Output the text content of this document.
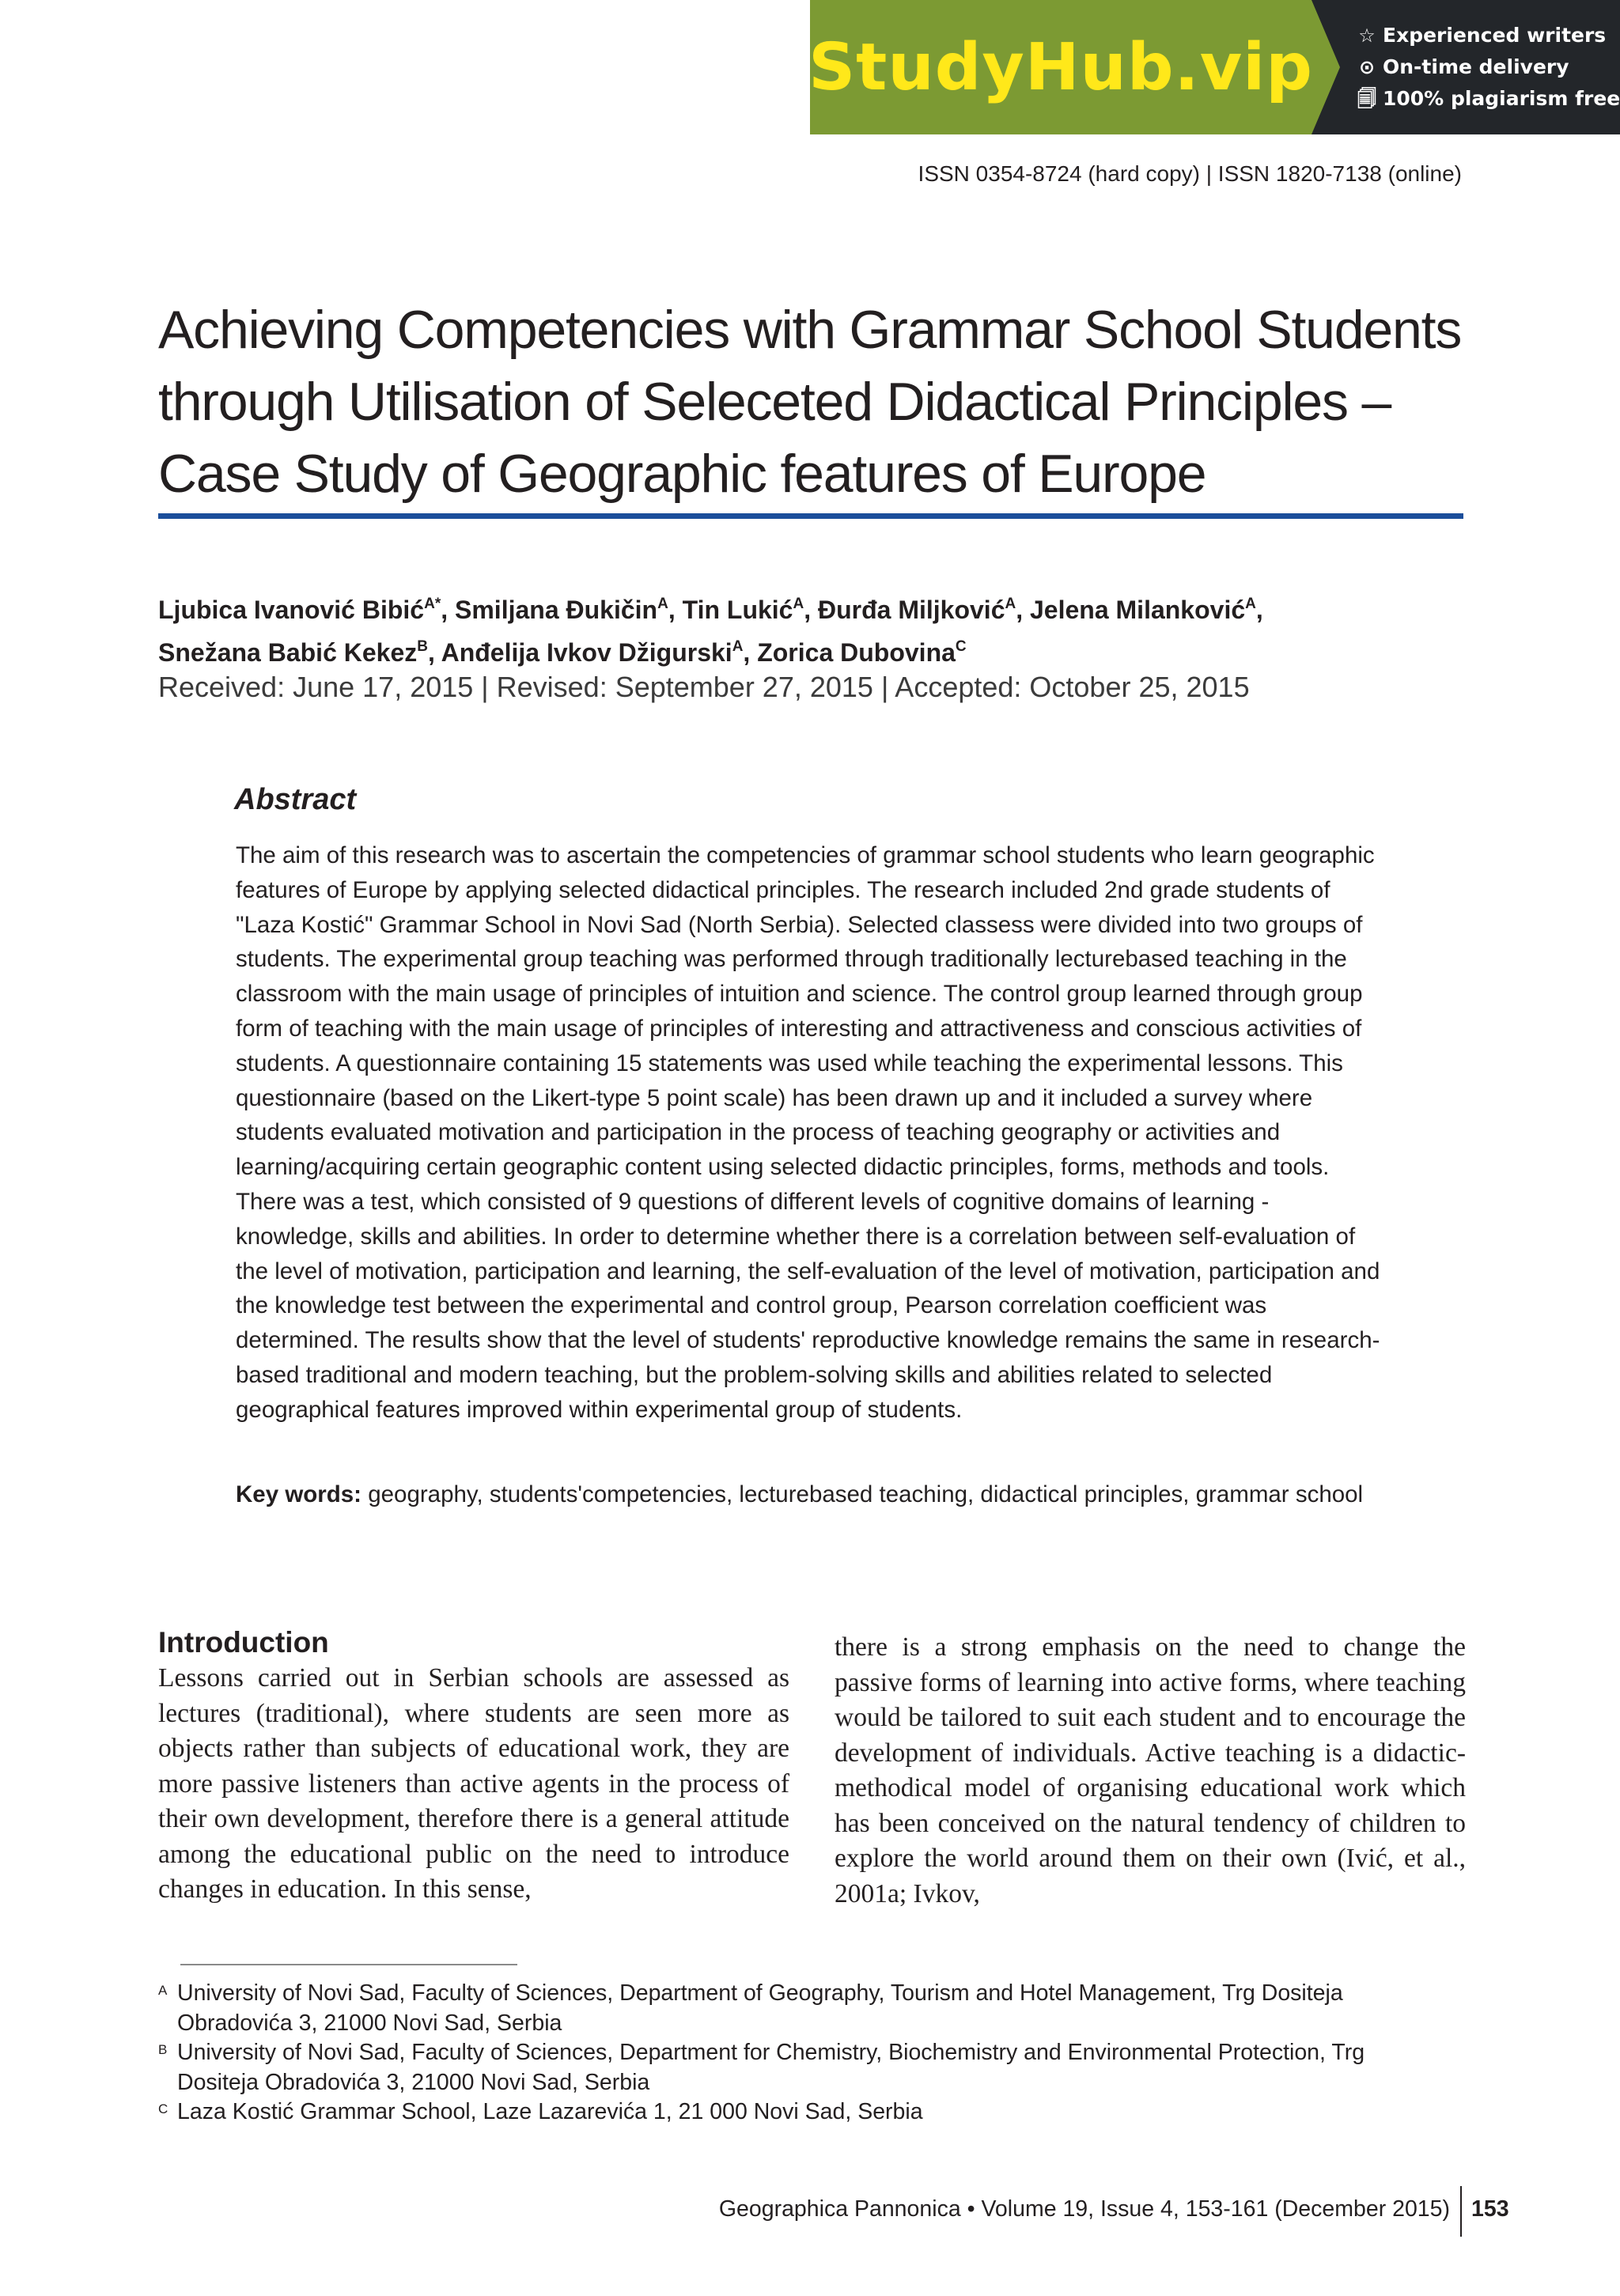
StudyHub.vip ☆ Experienced writers
⊙ On-time delivery
🗐 100% plagiarism free
ISSN 0354-8724 (hard copy) | ISSN 1820-7138 (online)
Achieving Competencies with Grammar School Students through Utilisation of Seleceted Didactical Principles – Case Study of Geographic features of Europe
Ljubica Ivanović Bibić$^{A*}$, Smiljana Đukičin$^A$, Tin Lukić$^A$, Đurđa Miljković$^A$, Jelena Milanković$^A$,
Snežana Babić Kekez$^B$, Anđelija Ivkov Džigurski$^A$, Zorica Dubovina$^C$
Received: June 17, 2015 | Revised: September 27, 2015 | Accepted: October 25, 2015
Abstract

The aim of this research was to ascertain the competencies of grammar school students who learn geographic features of Europe by applying selected didactical principles. The research included 2nd grade students of "Laza Kostić" Grammar School in Novi Sad (North Serbia). Selected classess were divided into two groups of students. The experimental group teaching was performed through traditionally lecturebased teaching in the classroom with the main usage of principles of intuition and science. The control group learned through group form of teaching with the main usage of principles of interesting and attractiveness and conscious activities of students. A questionnaire containing 15 statements was used while teaching the experimental lessons. This questionnaire (based on the Likert-type 5 point scale) has been drawn up and it included a survey where students evaluated motivation and participation in the process of teaching geography or activities and learning/acquiring certain geographic content using selected didactic principles, forms, methods and tools. There was a test, which consisted of 9 questions of different levels of cognitive domains of learning - knowledge, skills and abilities. In order to determine whether there is a correlation between self-evaluation of the level of motivation, participation and learning, the self-evaluation of the level of motivation, participation and the knowledge test between the experimental and control group, Pearson correlation coefficient was determined. The results show that the level of students' reproductive knowledge remains the same in research-based traditional and modern teaching, but the problem-solving skills and abilities related to selected geographical features improved within experimental group of students.

Key words: geography, students'competencies, lecturebased teaching, didactical principles, grammar school

Introduction

Lessons carried out in Serbian schools are assessed as lectures (traditional), where students are seen more as objects rather than subjects of educational work, they are more passive listeners than active agents in the process of their own development, therefore there is a general attitude among the educational public on the need to introduce changes in education. In this sense,

there is a strong emphasis on the need to change the passive forms of learning into active forms, where teaching would be tailored to suit each student and to encourage the development of individuals. Active teaching is a didactic-methodical model of organising educational work which has been conceived on the natural tendency of children to explore the world around them on their own (Ivić, et al., 2001a; Ivkov,

A University of Novi Sad, Faculty of Sciences, Department of Geography, Tourism and Hotel Management, Trg Dositeja Obradovića 3, 21000 Novi Sad, Serbia
B University of Novi Sad, Faculty of Sciences, Department for Chemistry, Biochemistry and Environmental Protection, Trg Dositeja Obradovića 3, 21000 Novi Sad, Serbia
C Laza Kostić Grammar School, Laze Lazarevića 1, 21 000 Novi Sad, Serbia
Geographica Pannonica • Volume 19, Issue 4, 153-161 (December 2015) 153
